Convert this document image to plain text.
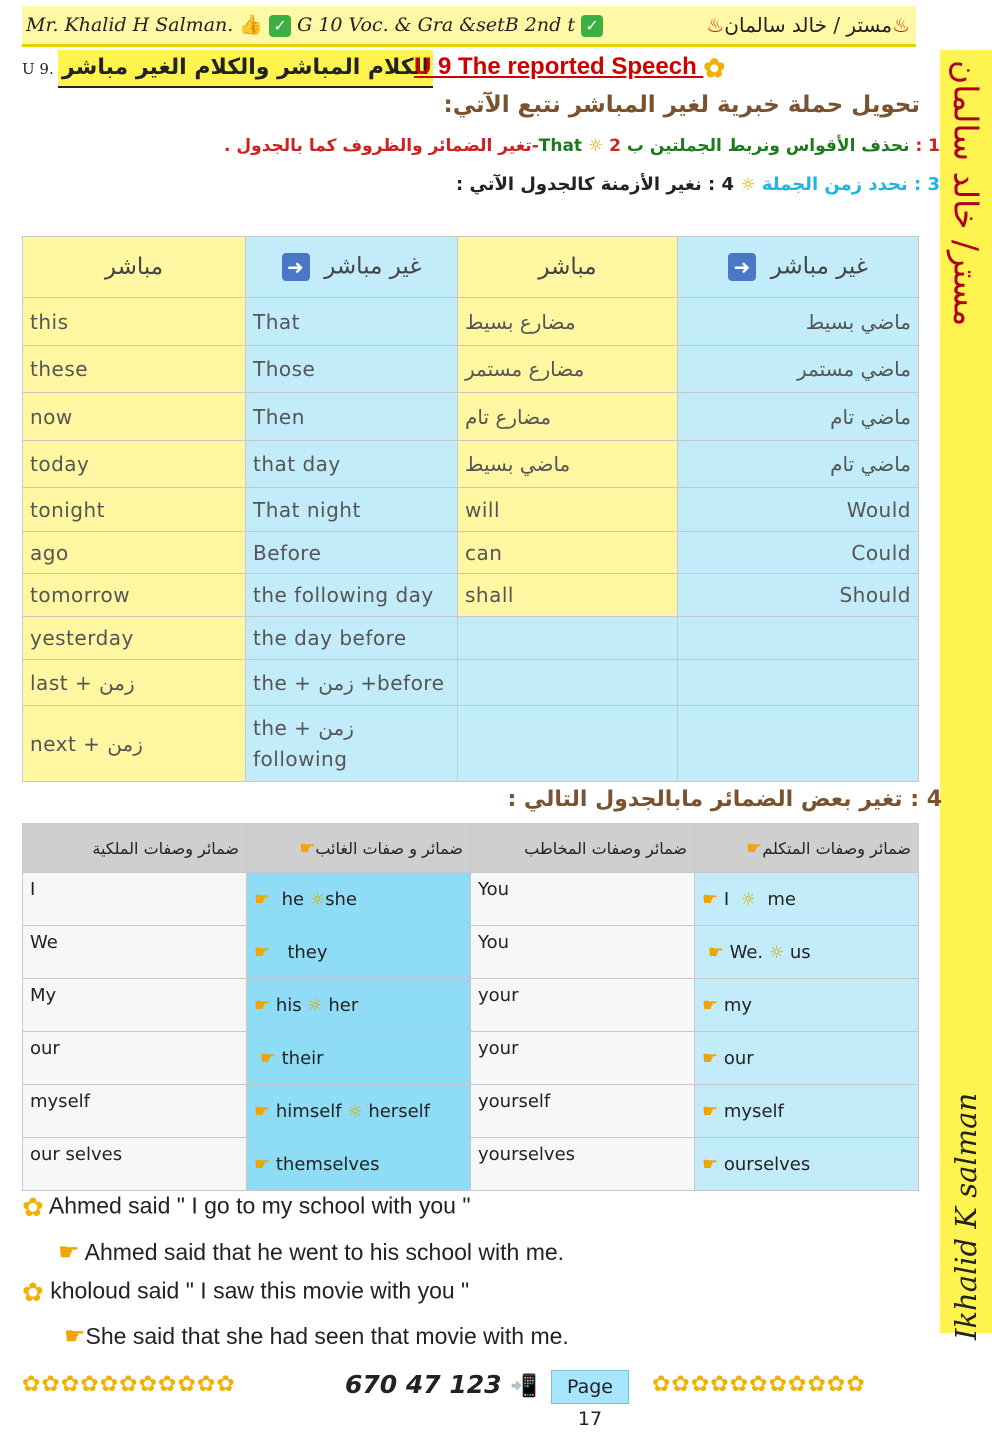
Mr. Khalid H Salman. 👍 ✓ G 10 Voc. & Gra &setB 2nd t ✓	♨مستر / خالد سالمان♨
مستر/ خالد سالمان
Ikhalid K salman
U 9. الكلام المباشر والكلام الغير مباشر
U 9 The reported Speech ✿
تحويل حملة خبرية لغير المباشر نتبع الآتي:
1 : نحذف الأقواس ونربط الجملتين ب That ☼ 2-تغير الضمائر والظروف كما بالجدول .
3 : نحدد زمن الجملة ☼ 4 : نغير الأزمنة كالجدول الآتي :
مباشر	➜ غير مباشر	مباشر	➜ غير مباشر
this	That	مضارع بسيط	ماضي بسيط
these	Those	مضارع مستمر	ماضي مستمر
now	Then	مضارع تام	ماضي تام
today	that day	ماضي بسيط	ماضي تام
tonight	That night	will	Would
ago	Before	can	Could
tomorrow	the following day	shall	Should
yesterday	the day before		
last + زمن	the + زمن +before		
next + زمن	the + زمن following		
4 : تغير بعض الضمائر مابالجدول التالي :
ضمائر وصفات الملكية	ضمائر و صفات الغائب☛	ضمائر وصفات المخاطب	ضمائر وصفات المتكلم☛
I	☛ he ☼she	You	☛ I ☼ me
We	☛ they	You	☛ We. ☼ us
My	☛ his ☼ her	your	☛ my
our	☛ their	your	☛ our
myself	☛ himself ☼ herself	yourself	☛ myself
our selves	☛ themselves	yourselves	☛ ourselves
✿ Ahmed said " I go to my school with you "
☛ Ahmed said that he went to his school with me.
✿ kholoud said " I saw this movie with you "
☛She said that she had seen that movie with me.
✿✿✿✿✿✿✿✿✿✿✿	670 47 123 📲	Page 17
✿✿✿✿✿✿✿✿✿✿✿
